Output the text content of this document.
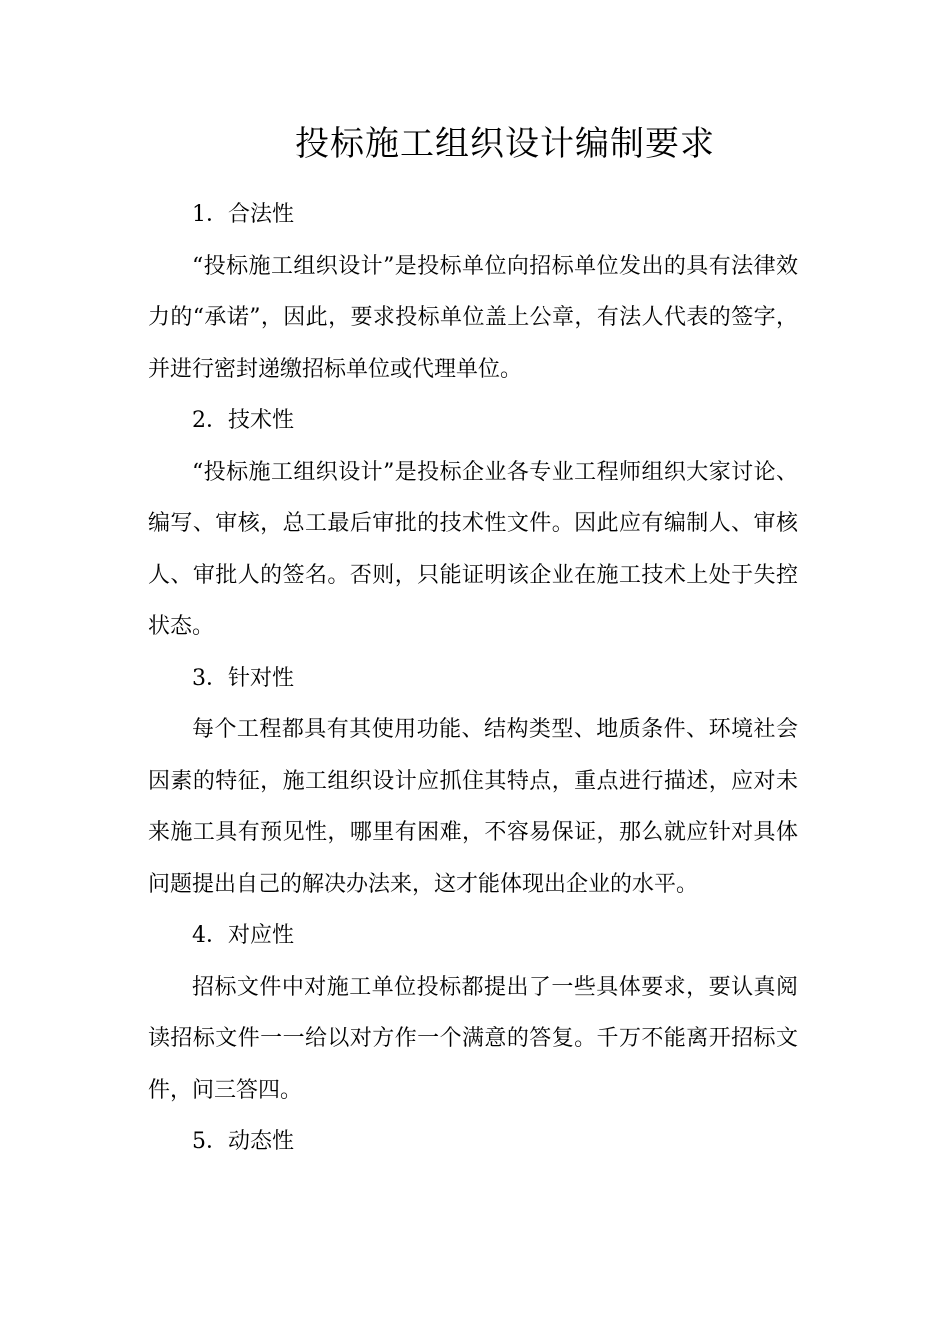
投标施工组织设计编制要求

1．合法性

“投标施工组织设计”是投标单位向招标单位发出的具有法律效力的“承诺”，因此，要求投标单位盖上公章，有法人代表的签字，并进行密封递缴招标单位或代理单位。

2．技术性

“投标施工组织设计”是投标企业各专业工程师组织大家讨论、编写、审核，总工最后审批的技术性文件。因此应有编制人、审核人、审批人的签名。否则，只能证明该企业在施工技术上处于失控状态。

3．针对性

每个工程都具有其使用功能、结构类型、地质条件、环境社会因素的特征，施工组织设计应抓住其特点，重点进行描述，应对未来施工具有预见性，哪里有困难，不容易保证，那么就应针对具体问题提出自己的解决办法来，这才能体现出企业的水平。

4．对应性

招标文件中对施工单位投标都提出了一些具体要求，要认真阅读招标文件一一给以对方作一个满意的答复。千万不能离开招标文件，问三答四。

5．动态性
